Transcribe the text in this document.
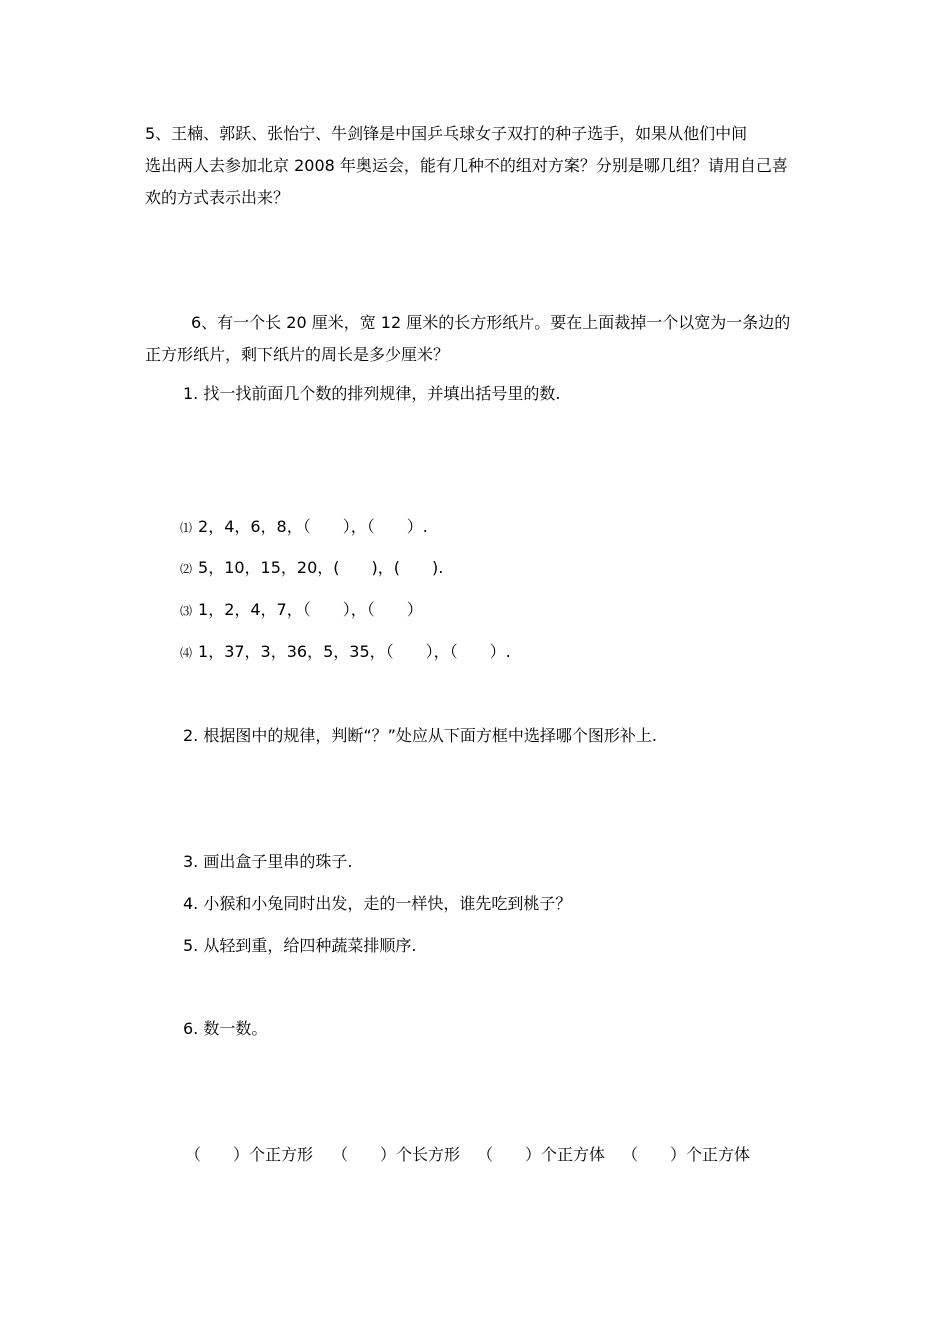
5、王楠、郭跃、张怡宁、牛剑锋是中国乒乓球女子双打的种子选手，如果从他们中间
选出两人去参加北京 2008 年奥运会，能有几种不的组对方案？分别是哪几组？请用自己喜
欢的方式表示出来？
6、有一个长 20 厘米，宽 12 厘米的长方形纸片。要在上面裁掉一个以宽为一条边的
正方形纸片，剩下纸片的周长是多少厘米？
1. 找一找前面几个数的排列规律，并填出括号里的数.
⑴ 2，4，6，8，（　　），（　　）.
⑵ 5，10，15，20，(　　)，(　　).
⑶ 1，2，4，7，（　　），（　　）
⑷ 1，37，3，36，5，35，（　　），（　　）.
2. 根据图中的规律，判断“？”处应从下面方框中选择哪个图形补上.
3. 画出盒子里串的珠子.
4. 小猴和小兔同时出发，走的一样快，谁先吃到桃子？
5. 从轻到重，给四种蔬菜排顺序.
6. 数一数。
（　　）个正方形 （　　）个长方形 （　　）个正方体 （　　）个正方体
